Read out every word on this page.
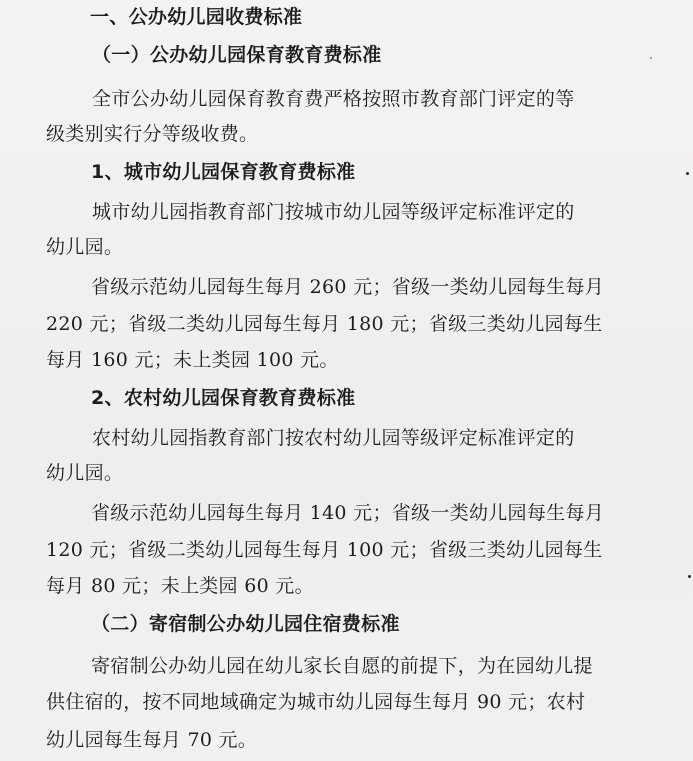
一、公办幼儿园收费标准
（一）公办幼儿园保育教育费标准
全市公办幼儿园保育教育费严格按照市教育部门评定的等
级类别实行分等级收费。
1、城市幼儿园保育教育费标准
城市幼儿园指教育部门按城市幼儿园等级评定标准评定的
幼儿园。
省级示范幼儿园每生每月 260 元；省级一类幼儿园每生每月
220 元；省级二类幼儿园每生每月 180 元；省级三类幼儿园每生
每月 160 元；未上类园 100 元。
2、农村幼儿园保育教育费标准
农村幼儿园指教育部门按农村幼儿园等级评定标准评定的
幼儿园。
省级示范幼儿园每生每月 140 元；省级一类幼儿园每生每月
120 元；省级二类幼儿园每生每月 100 元；省级三类幼儿园每生
每月 80 元；未上类园 60 元。
（二）寄宿制公办幼儿园住宿费标准
寄宿制公办幼儿园在幼儿家长自愿的前提下，为在园幼儿提
供住宿的，按不同地域确定为城市幼儿园每生每月 90 元；农村
幼儿园每生每月 70 元。
